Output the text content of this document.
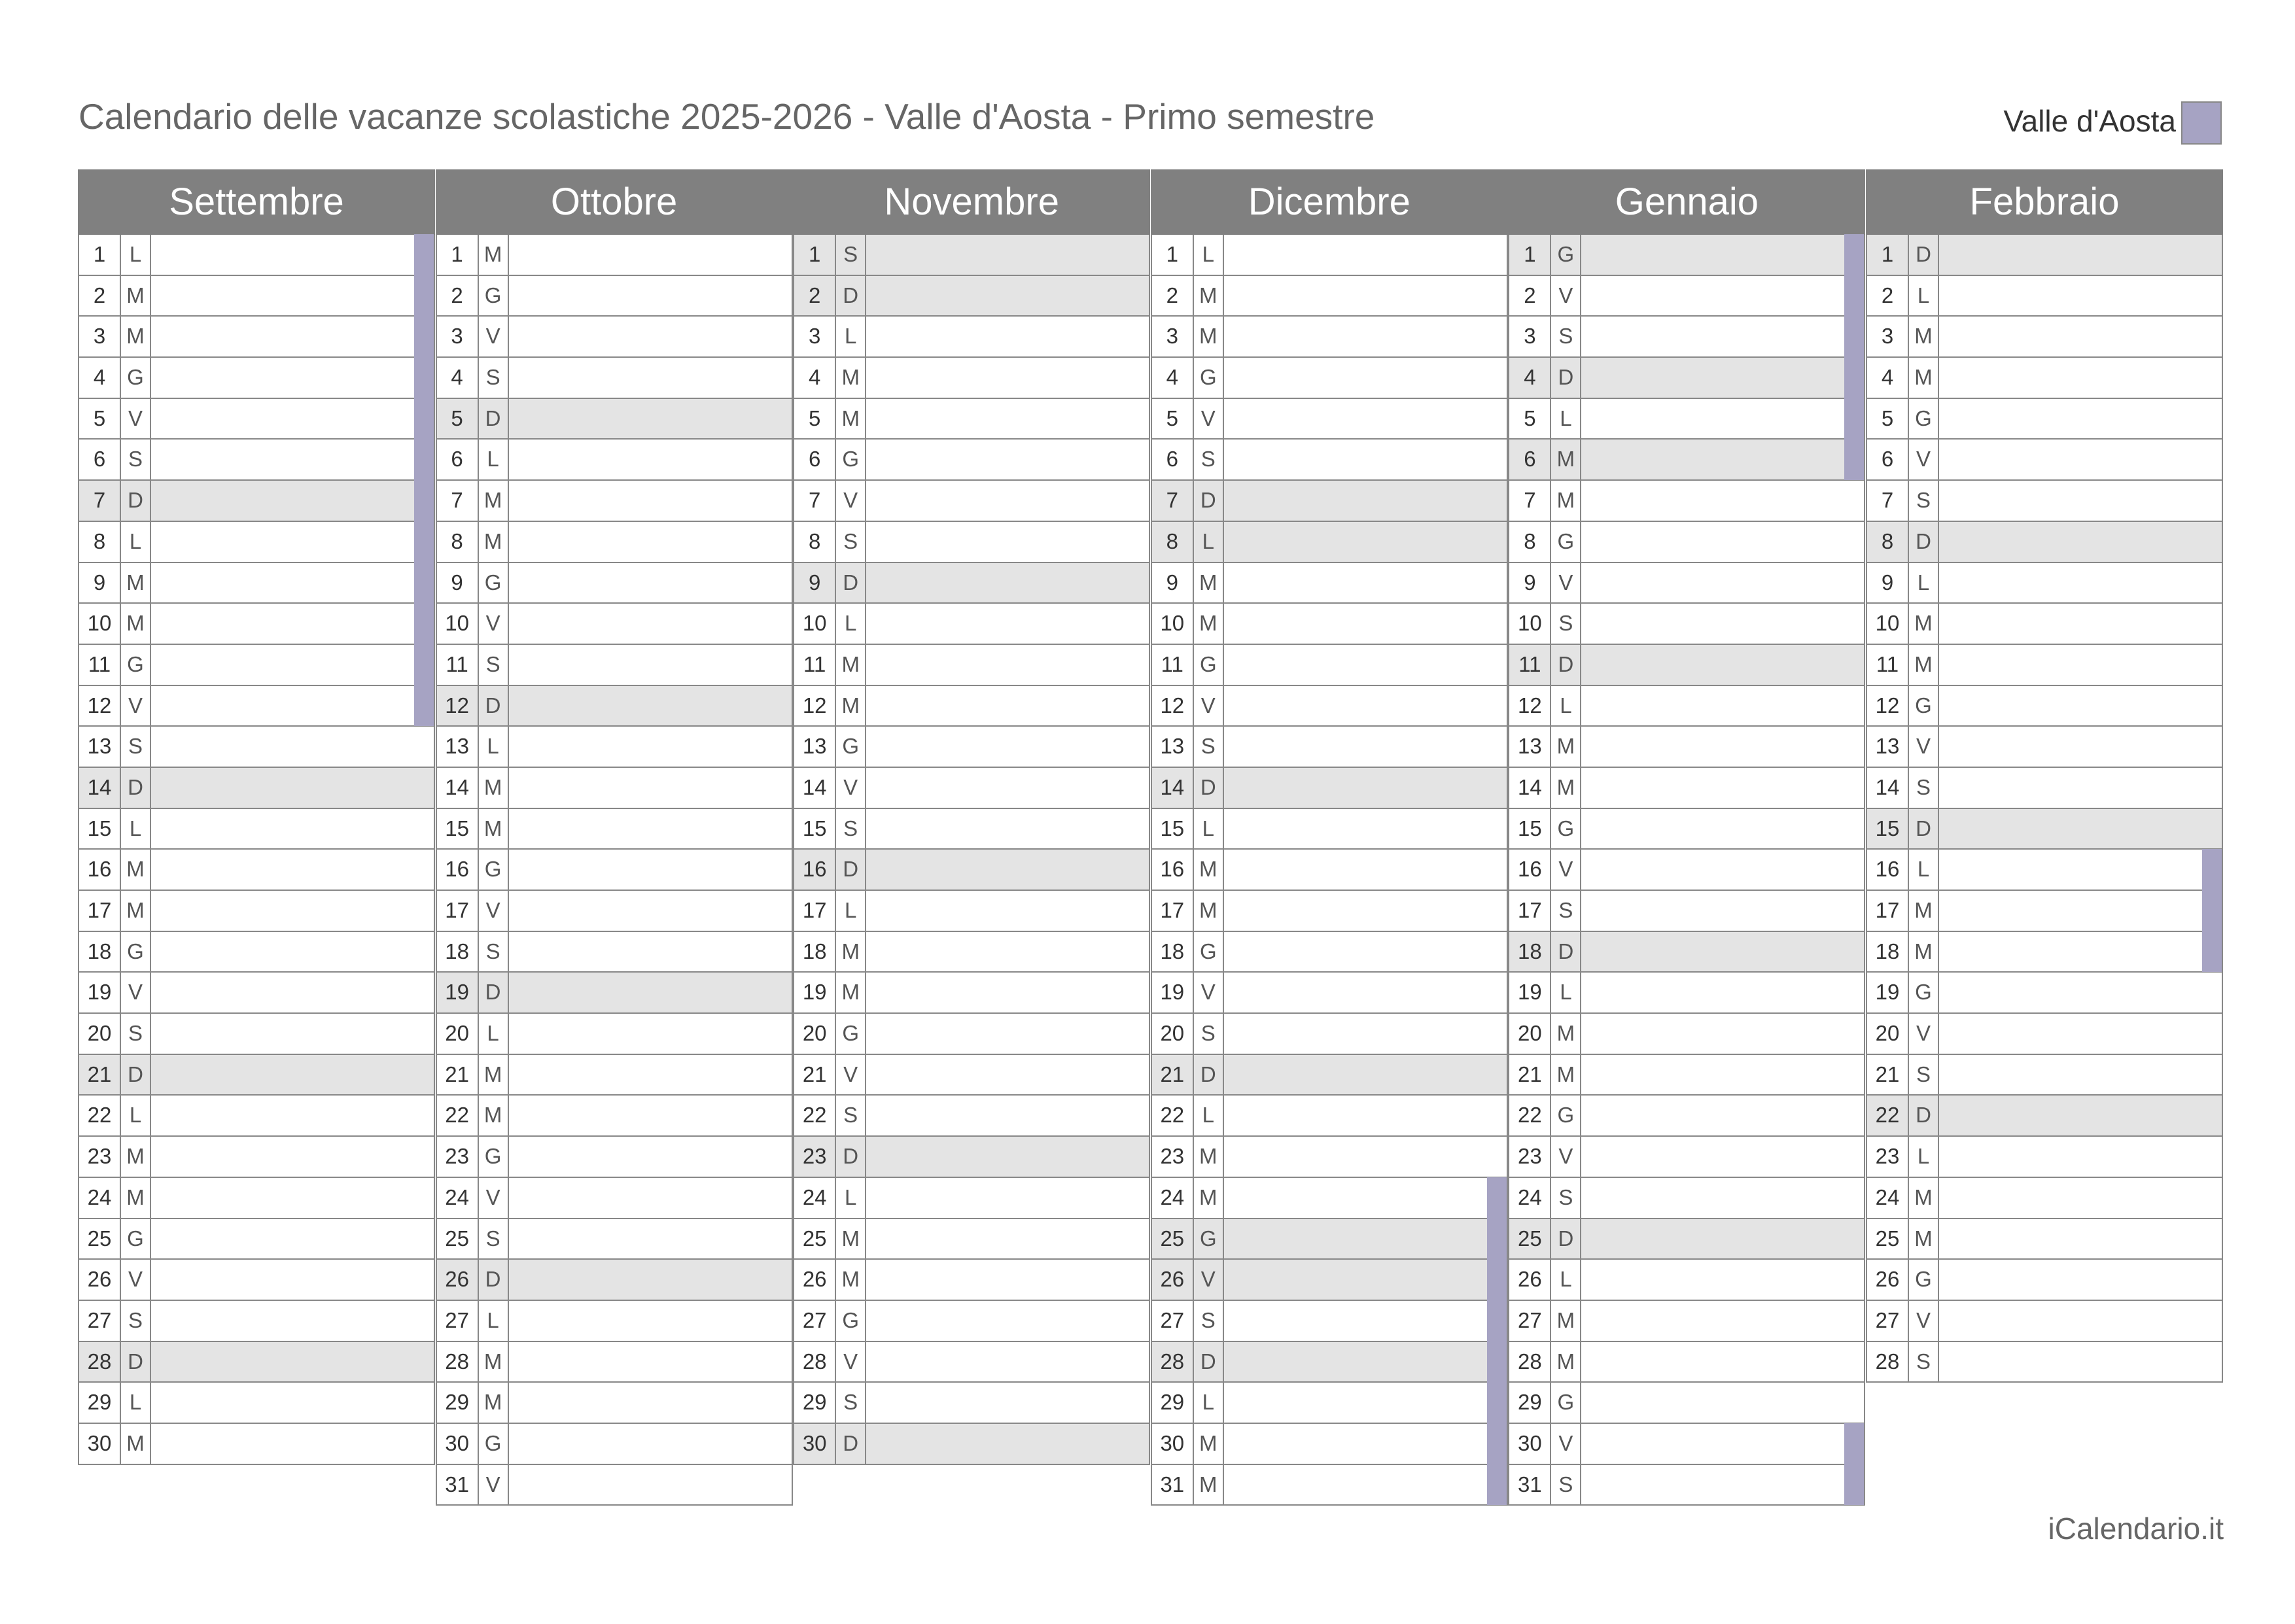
Calendario delle vacanze scolastiche 2025-2026 - Valle d'Aosta - Primo semestre	Valle d'Aosta
Settembre
1	L
2 M
3 M
4 G
5	V
6	S
7	D
8	L
9 M
10 M
11 G
12 V
13 S
14 D
15 L
16 M
17 M
18 G
19 V
20 S
21 D
22 L
23 M
24 M
25 G
26 V
27 S
28 D
29 L
30 M
Ottobre
1 M
2 G
3	V
4	S
5	D
6	L
7 M
8 M
9 G
10 V
11 S
12 D
13 L
14 M
15 M
16 G
17 V
18 S
19 D
20 L
21 M
22 M
23 G
24 V
25 S
26 D
27 L
28 M
29 M
30 G
31 V
Novembre
1	S
2	D
3	L
4 M
5 M
6 G
7	V
8	S
9	D
10 L
11 M
12 M
13 G
14 V
15 S
16 D
17 L
18 M
19 M
20 G
21 V
22 S
23 D
24 L
25 M
26 M
27 G
28 V
29 S
30 D
Dicembre
1	L
2 M
3 M
4 G
5	V
6	S
7	D
8	L
9 M
10 M
11 G
12 V
13 S
14 D
15 L
16 M
17 M
18 G
19 V
20 S
21 D
22 L
23 M
24 M
25 G
26 V
27 S
28 D
29 L
30 M
31 M
Gennaio
1 G
2	V
3	S
4	D
5	L
6 M
7 M
8 G
9	V
10 S
11 D
12 L
13 M
14 M
15 G
16 V
17 S
18 D
19 L
20 M
21 M
22 G
23 V
24 S
25 D
26 L
27 M
28 M
29 G
30 V
31 S
Febbraio
1	D
2	L
3 M
4 M
5 G
6	V
7	S
8	D
9	L
10 M
11 M
12 G
13 V
14 S
15 D
16 L
17 M
18 M
19 G
20 V
21 S
22 D
23 L
24 M
25 M
26 G
27 V
28 S
iCalendario.it
